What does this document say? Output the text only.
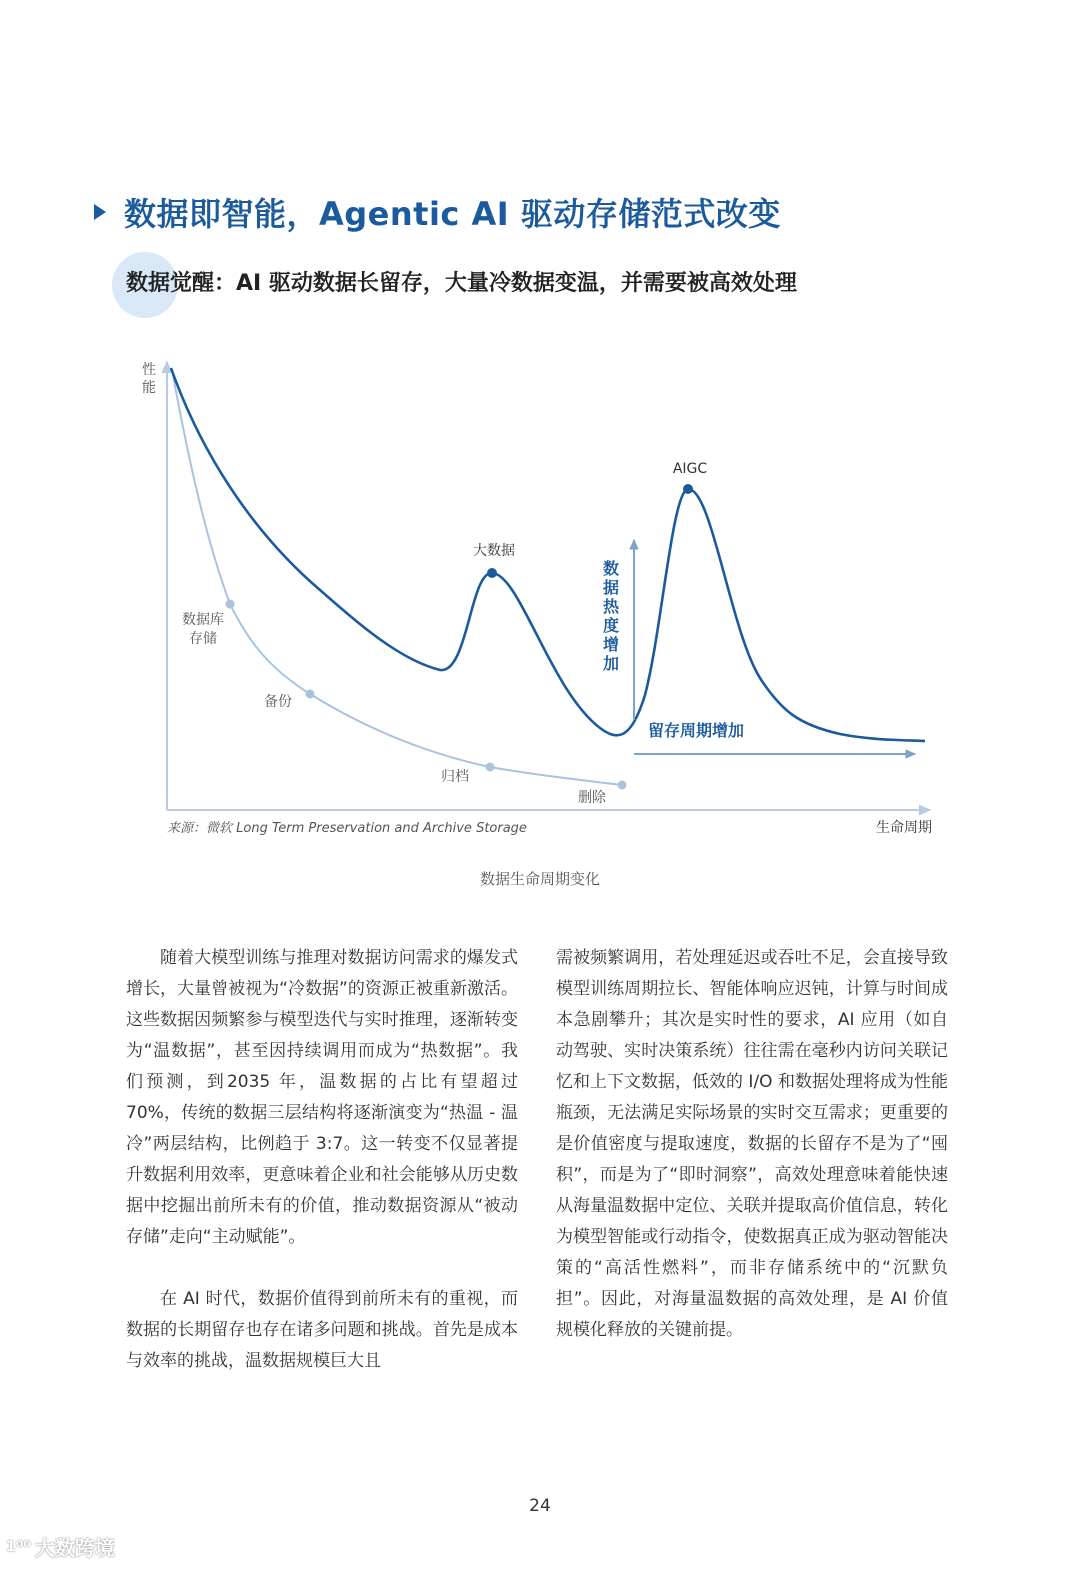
数据即智能，Agentic AI 驱动存储范式改变
数据觉醒：AI 驱动数据长留存，大量冷数据变温，并需要被高效处理
性
能
数据库
存储
备份
归档
删除
大数据
AIGC
数
据
热
度
增
加
留存周期增加
来源：微软 Long Term Preservation and Archive Storage	生命周期
数据生命周期变化

随着大模型训练与推理对数据访问需求的爆发式增长，大量曾被视为“冷数据”的资源正被重新激活。这些数据因频繁参与模型迭代与实时推理，逐渐转变为“温数据”，甚至因持续调用而成为“热数据”。我们预测，到2035 年，温数据的占比有望超过 70%，传统的数据三层结构将逐渐演变为“热温 - 温冷”两层结构，比例趋于 3:7。这一转变不仅显著提升数据利用效率，更意味着企业和社会能够从历史数据中挖掘出前所未有的价值，推动数据资源从“被动存储”走向“主动赋能”。

在 AI 时代，数据价值得到前所未有的重视，而数据的长期留存也存在诸多问题和挑战。首先是成本与效率的挑战，温数据规模巨大且

需被频繁调用，若处理延迟或吞吐不足，会直接导致模型训练周期拉长、智能体响应迟钝，计算与时间成本急剧攀升；其次是实时性的要求，AI 应用（如自动驾驶、实时决策系统）往往需在毫秒内访问关联记忆和上下文数据，低效的 I/O 和数据处理将成为性能瓶颈，无法满足实际场景的实时交互需求；更重要的是价值密度与提取速度，数据的长留存不是为了“囤积”，而是为了“即时洞察”，高效处理意味着能快速从海量温数据中定位、关联并提取高价值信息，转化为模型智能或行动指令，使数据真正成为驱动智能决策的“高活性燃料”，而非存储系统中的“沉默负担”。因此，对海量温数据的高效处理，是 AI 价值规模化释放的关键前提。

24
1ᴼᴼ 大数跨境
